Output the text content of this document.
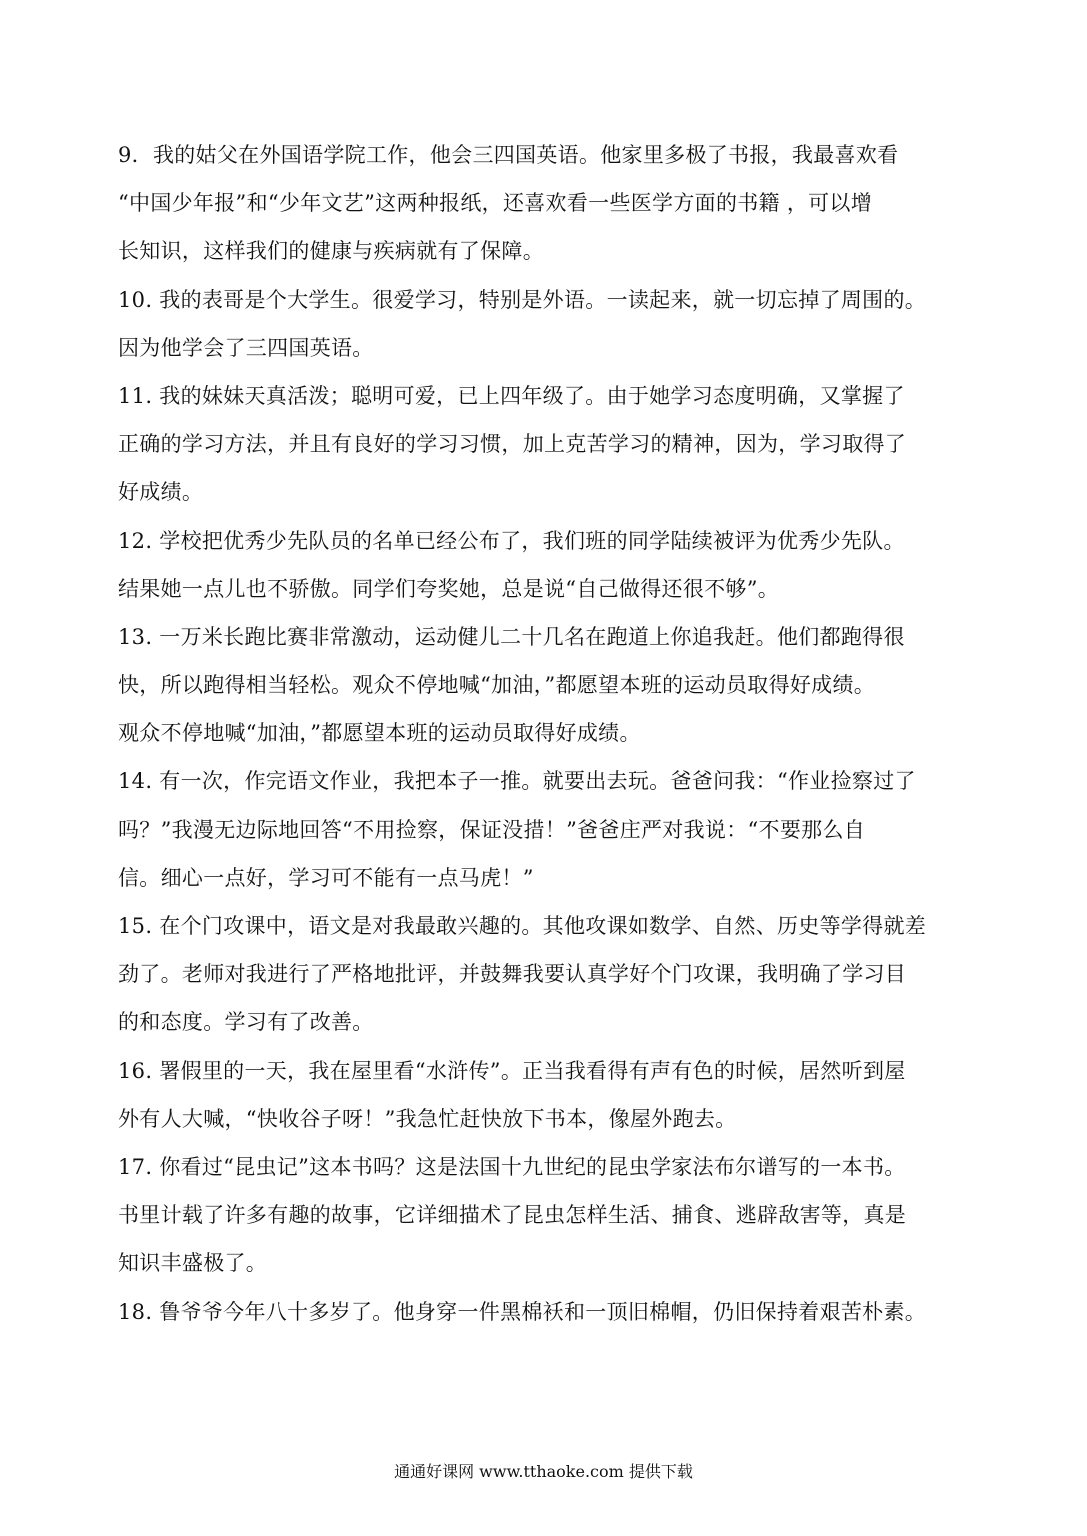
9．我的姑父在外国语学院工作，他会三四国英语。他家里多极了书报，我最喜欢看
“中国少年报”和“少年文艺”这两种报纸，还喜欢看一些医学方面的书籍 ，可以增
长知识，这样我们的健康与疾病就有了保障。

10. 我的表哥是个大学生。很爱学习，特别是外语。一读起来，就一切忘掉了周围的。
因为他学会了三四国英语。

11. 我的妹妹天真活泼；聪明可爱，已上四年级了。由于她学习态度明确，又掌握了
正确的学习方法，并且有良好的学习习惯，加上克苦学习的精神，因为，学习取得了
好成绩。

12. 学校把优秀少先队员的名单已经公布了，我们班的同学陆续被评为优秀少先队。
结果她一点儿也不骄傲。同学们夸奖她，总是说“自己做得还很不够”。

13. 一万米长跑比赛非常激动，运动健儿二十几名在跑道上你追我赶。他们都跑得很
快，所以跑得相当轻松。观众不停地喊“加油，”都愿望本班的运动员取得好成绩。
观众不停地喊“加油，”都愿望本班的运动员取得好成绩。

14. 有一次，作完语文作业，我把本子一推。就要出去玩。爸爸问我：“作业捡察过了
吗？”我漫无边际地回答“不用捡察，保证没措！”爸爸庄严对我说：“不要那么自
信。细心一点好，学习可不能有一点马虎！”

15. 在个门攻课中，语文是对我最敢兴趣的。其他攻课如数学、自然、历史等学得就差
劲了。老师对我进行了严格地批评，并鼓舞我要认真学好个门攻课，我明确了学习目
的和态度。学习有了改善。

16. 署假里的一天，我在屋里看“水浒传”。正当我看得有声有色的时候，居然听到屋
外有人大喊，“快收谷子呀！”我急忙赶快放下书本，像屋外跑去。

17. 你看过“昆虫记”这本书吗？这是法国十九世纪的昆虫学家法布尔谱写的一本书。
书里计载了许多有趣的故事，它详细描术了昆虫怎样生活、捕食、逃辟敌害等，真是
知识丰盛极了。

18. 鲁爷爷今年八十多岁了。他身穿一件黑棉袄和一顶旧棉帽，仍旧保持着艰苦朴素。

通通好课网 www.tthaoke.com 提供下载
